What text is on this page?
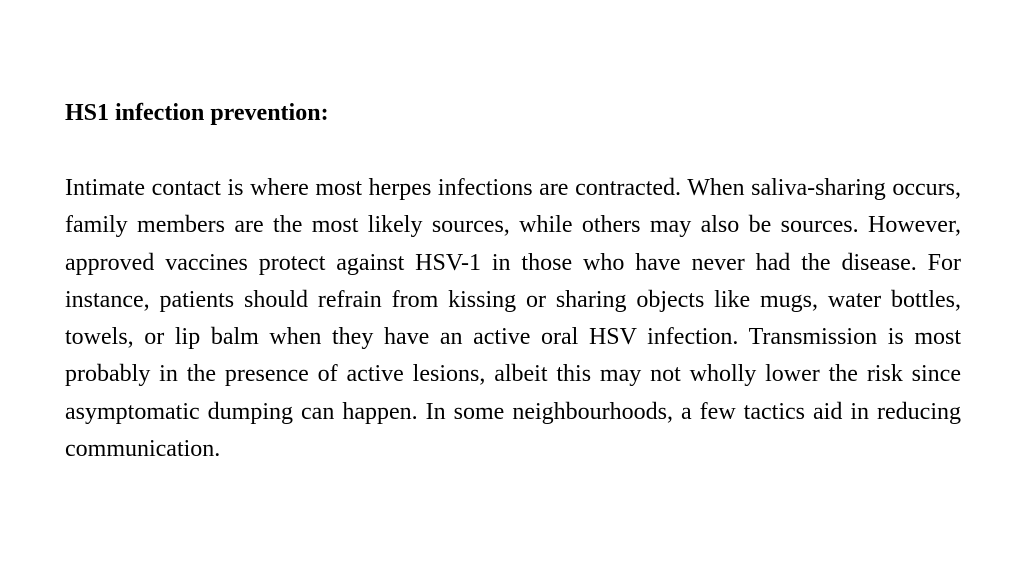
HS1 infection prevention:

Intimate contact is where most herpes infections are contracted. When saliva-sharing occurs, family members are the most likely sources, while others may also be sources. However, approved vaccines protect against HSV-1 in those who have never had the disease. For instance, patients should refrain from kissing or sharing objects like mugs, water bottles, towels, or lip balm when they have an active oral HSV infection. Transmission is most probably in the presence of active lesions, albeit this may not wholly lower the risk since asymptomatic dumping can happen. In some neighbourhoods, a few tactics aid in reducing communication.
